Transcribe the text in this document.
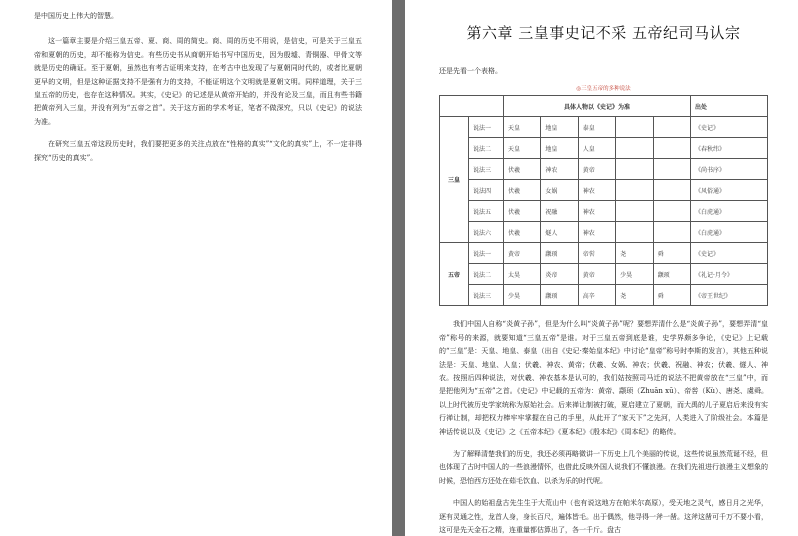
是中国历史上伟大的智慧。

这一篇章主要是介绍三皇五帝、夏、商、周的简史。商、周的历史不用说，是信史，可是关于三皇五帝和夏朝的历史，却不能称为信史。有些历史书从商朝开始书写中国历史，因为殷墟、青铜器、甲骨文等就是历史的确证。至于夏朝，虽然也有考古证明来支持，在考古中也发现了与夏朝同时代的，或者比夏朝更早的文明，但是这种证据支持不是强有力的支持，不能证明这个文明就是夏朝文明。同样道理，关于三皇五帝的历史，也存在这种情况。其实，《史记》的记述是从黄帝开始的，并没有论及三皇，而且有些书籍把黄帝列入三皇，并没有列为“五帝之首”。关于这方面的学术考证，笔者不做深究，只以《史记》的说法为准。

在研究三皇五帝这段历史时，我们要把更多的关注点放在“性格的真实”“文化的真实”上，不一定非得探究“历史的真实”。

第六章 三皇事史记不采 五帝纪司马认宗

还是先看一个表格。

◎三皇五帝的多种说法
		具体人物以《史记》为准					出处
三皇	说法一	天皇	地皇	泰皇			《史记》
	说法二	天皇	地皇	人皇			《春秋纬》
	说法三	伏羲	神农	黄帝			《尚书序》
	说法四	伏羲	女娲	神农			《风俗通》
	说法五	伏羲	祝融	神农			《白虎通》
	说法六	伏羲	燧人	神农			《白虎通》
五帝	说法一	黄帝	颛顼	帝喾	尧	舜	《史记》
	说法二	太昊	炎帝	黄帝	少昊	颛顼	《礼记·月令》
	说法三	少昊	颛顼	高辛	尧	舜	《帝王世纪》

我们中国人自称“炎黄子孙”，但是为什么叫“炎黄子孙”呢？要想弄清什么是“炎黄子孙”，要想弄清“皇帝”称号的来源，就要知道“三皇五帝”是谁。对于三皇五帝到底是谁，史学界颇多争论，《史记》上记载的“三皇”是：天皇、地皇、泰皇（出自《史记·秦始皇本纪》中讨论“皇帝”称号时李斯的发言），其他五种说法是：天皇、地皇、人皇；伏羲、神农、黄帝；伏羲、女娲、神农；伏羲、祝融、神农；伏羲、燧人、神农。按照后四种说法，对伏羲、神农基本是认可的，我们姑按照司马迁的说法不把黄帝放在“三皇”中，而是把他列为“五帝”之首。《史记》中记载的五帝为：黄帝、颛顼（Zhuān xū）、帝喾（Kù）、唐尧、虞舜。以上时代被历史学家统称为原始社会。后来禅让制被打破，夏启建立了夏朝，而大禹的儿子夏启后来没有实行禅让制，却把权力棒牢牢掌握在自己的手里，从此开了“家天下”之先河，人类进入了阶级社会。本篇是神话传说以及《史记》之《五帝本纪》《夏本纪》《殷本纪》《周本纪》的略传。

为了解释清楚我们的历史，我还必须再略微讲一下历史上几个美丽的传说，这些传说虽然荒诞不经，但也体现了古时中国人的一些浪漫情怀，也借此反映外国人说我们不懂浪漫。在我们先祖进行浪漫主义想象的时候，恐怕西方还处在茹毛饮血、以杀为乐的时代呢。

中国人的始祖盘古先生生于大荒山中（也有说这地方在帕米尔高原），受天地之灵气，感日月之光华，逐有灵通之性，龙首人身，身长百尺，遍体皆毛。出于偶然，他寻得一斧一凿。这斧这凿可千万不要小看，这可是先天金石之精，连重量都估算出了，各一千斤。盘古
